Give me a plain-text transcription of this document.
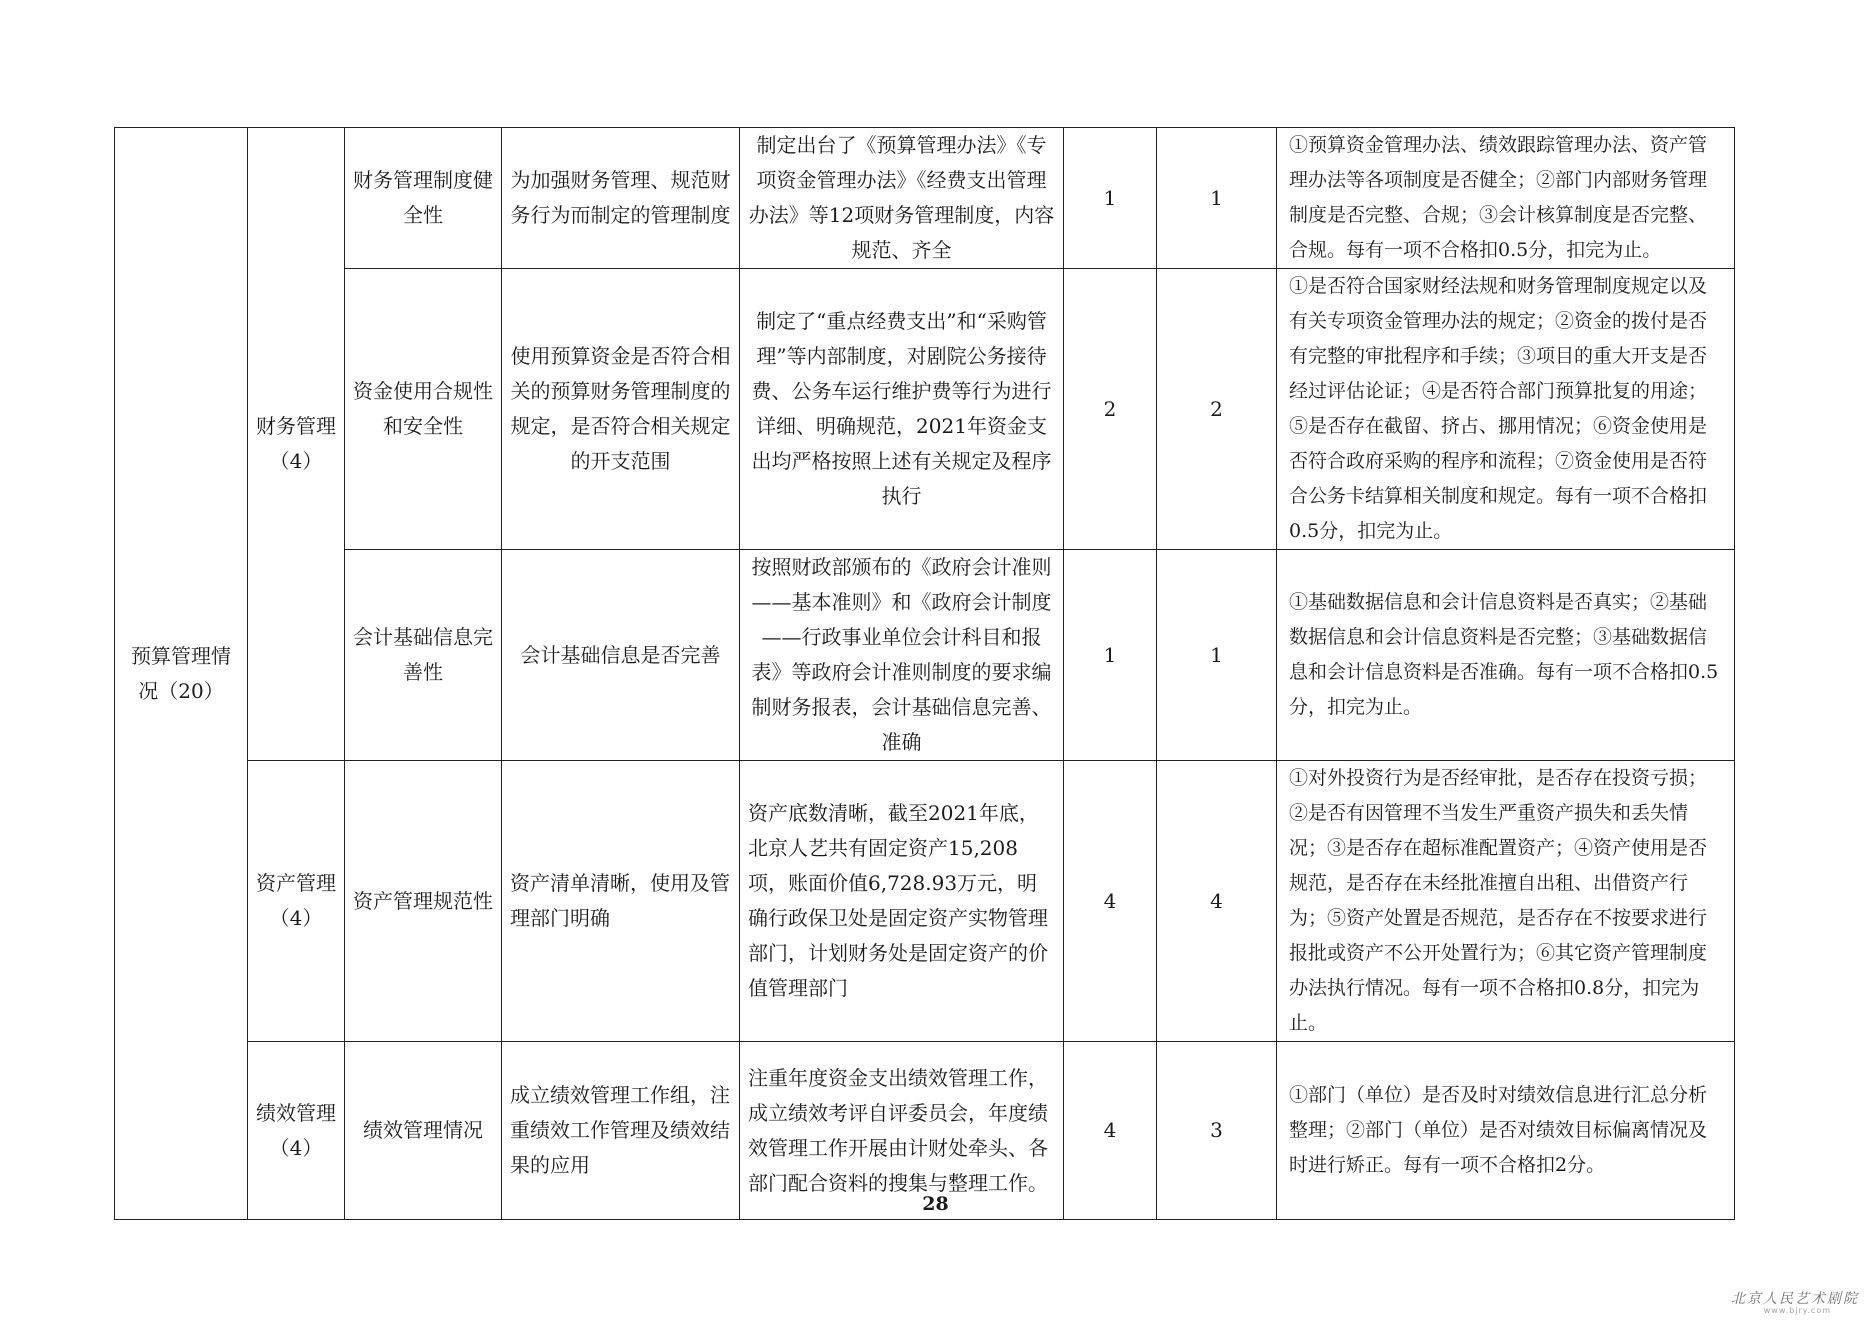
预算管理情况（20）	财务管理（4）	财务管理制度健全性	为加强财务管理、规范财务行为而制定的管理制度	制定出台了《预算管理办法》《专项资金管理办法》《经费支出管理办法》等12项财务管理制度，内容规范、齐全	1	1	①预算资金管理办法、绩效跟踪管理办法、资产管理办法等各项制度是否健全；②部门内部财务管理制度是否完整、合规；③会计核算制度是否完整、合规。每有一项不合格扣0.5分，扣完为止。
		资金使用合规性和安全性	使用预算资金是否符合相关的预算财务管理制度的规定，是否符合相关规定的开支范围	制定了“重点经费支出”和“采购管理”等内部制度，对剧院公务接待费、公务车运行维护费等行为进行详细、明确规范，2021年资金支出均严格按照上述有关规定及程序执行	2	2	①是否符合国家财经法规和财务管理制度规定以及有关专项资金管理办法的规定；②资金的拨付是否有完整的审批程序和手续；③项目的重大开支是否经过评估论证；④是否符合部门预算批复的用途；⑤是否存在截留、挤占、挪用情况；⑥资金使用是否符合政府采购的程序和流程；⑦资金使用是否符合公务卡结算相关制度和规定。每有一项不合格扣0.5分，扣完为止。
		会计基础信息完善性	会计基础信息是否完善	按照财政部颁布的《政府会计准则——基本准则》和《政府会计制度——行政事业单位会计科目和报表》等政府会计准则制度的要求编制财务报表，会计基础信息完善、准确	1	1	①基础数据信息和会计信息资料是否真实；②基础数据信息和会计信息资料是否完整；③基础数据信息和会计信息资料是否准确。每有一项不合格扣0.5分，扣完为止。
	资产管理（4）	资产管理规范性	资产清单清晰，使用及管理部门明确	资产底数清晰，截至2021年底，北京人艺共有固定资产15,208项，账面价值6,728.93万元，明确行政保卫处是固定资产实物管理部门，计划财务处是固定资产的价值管理部门	4	4	①对外投资行为是否经审批，是否存在投资亏损；②是否有因管理不当发生严重资产损失和丢失情况；③是否存在超标准配置资产；④资产使用是否规范，是否存在未经批准擅自出租、出借资产行为；⑤资产处置是否规范，是否存在不按要求进行报批或资产不公开处置行为；⑥其它资产管理制度办法执行情况。每有一项不合格扣0.8分，扣完为止。
	绩效管理（4）	绩效管理情况	成立绩效管理工作组，注重绩效工作管理及绩效结果的应用	注重年度资金支出绩效管理工作，成立绩效考评自评委员会，年度绩效管理工作开展由计财处牵头、各部门配合资料的搜集与整理工作。	4	3	①部门（单位）是否及时对绩效信息进行汇总分析整理；②部门（单位）是否对绩效目标偏离情况及时进行矫正。每有一项不合格扣2分。
28
北京人民艺术剧院
www.bjry.com
